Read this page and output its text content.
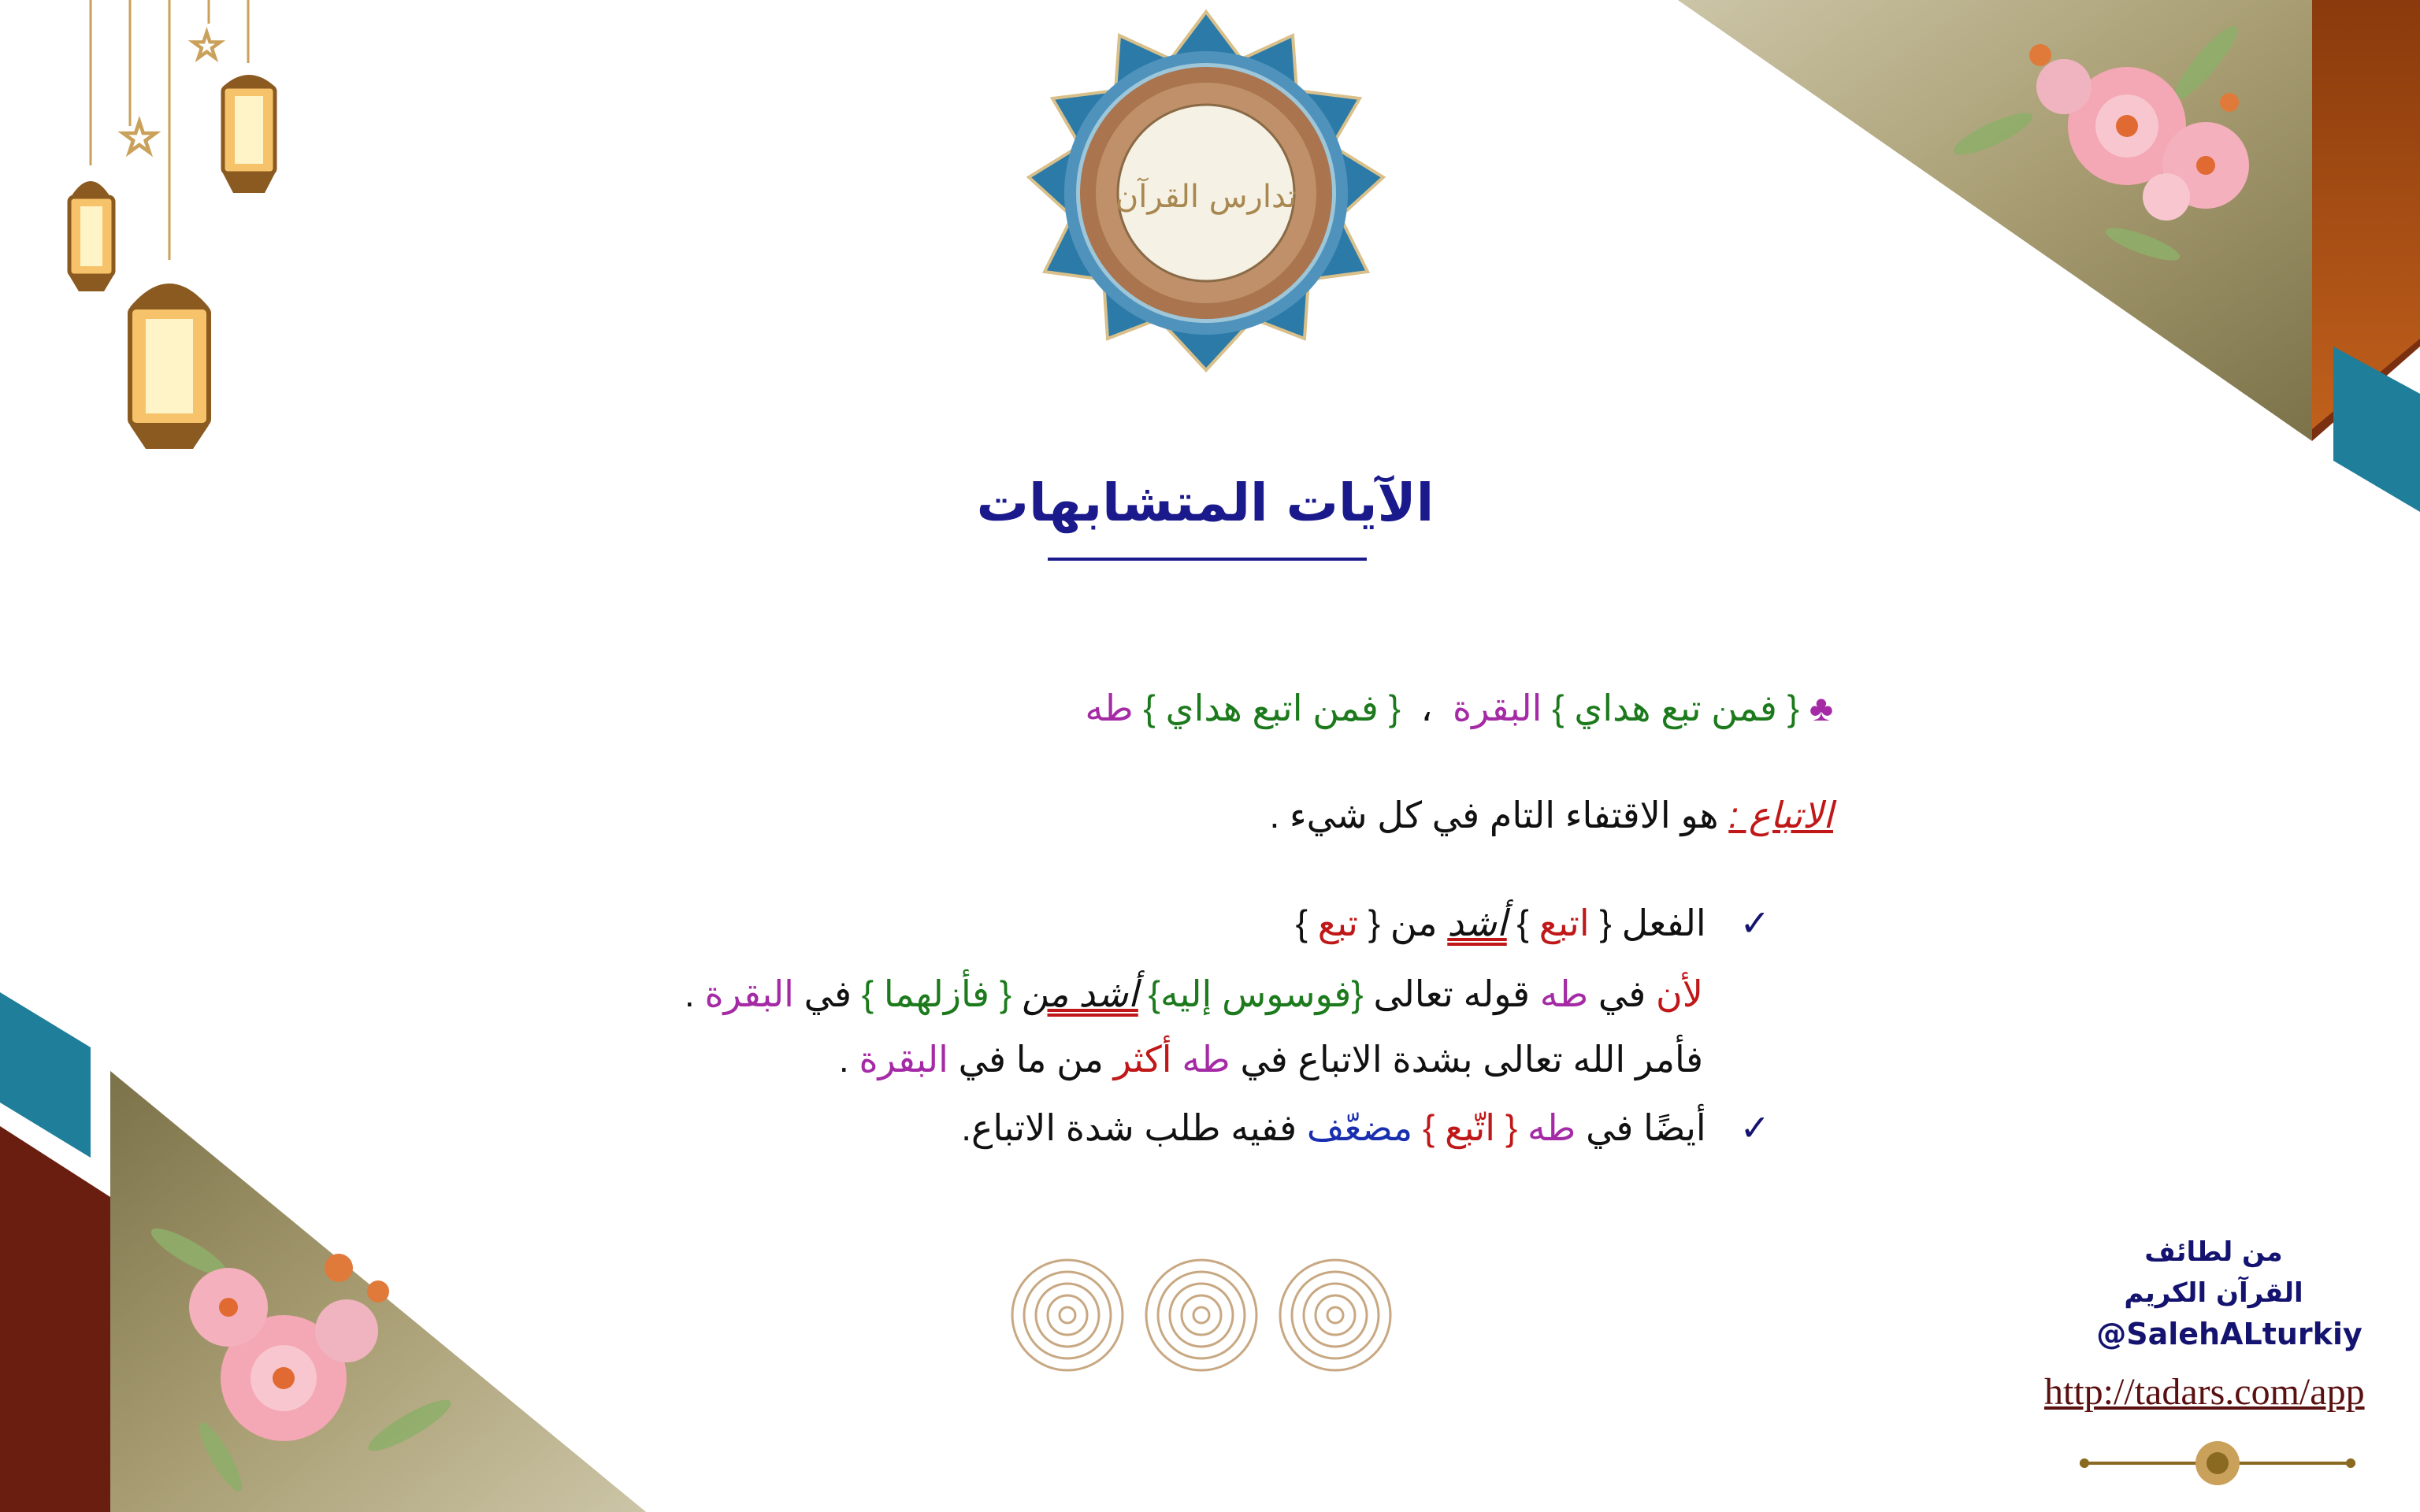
☆
☆
تدارس القرآن
الآيات المتشابهات
♣ { فمن تبع هداي } البقرة  ،  { فمن اتبع هداي } طه
الاتباع : هو الاقتفاء التام في كل شيء .
✓ الفعل { اتبع } أشد من { تبع }
لأن في طه قوله تعالى {فوسوس إليه} أشد من { فأزلهما } في البقرة .
فأمر الله تعالى بشدة الاتباع في طه أكثر من ما في البقرة .
✓ أيضًا في طه { اتّبع } مضعّف ففيه طلب شدة الاتباع.
من لطائف
القرآن الكريم
@SalehALturkiy
http://tadars.com/app
